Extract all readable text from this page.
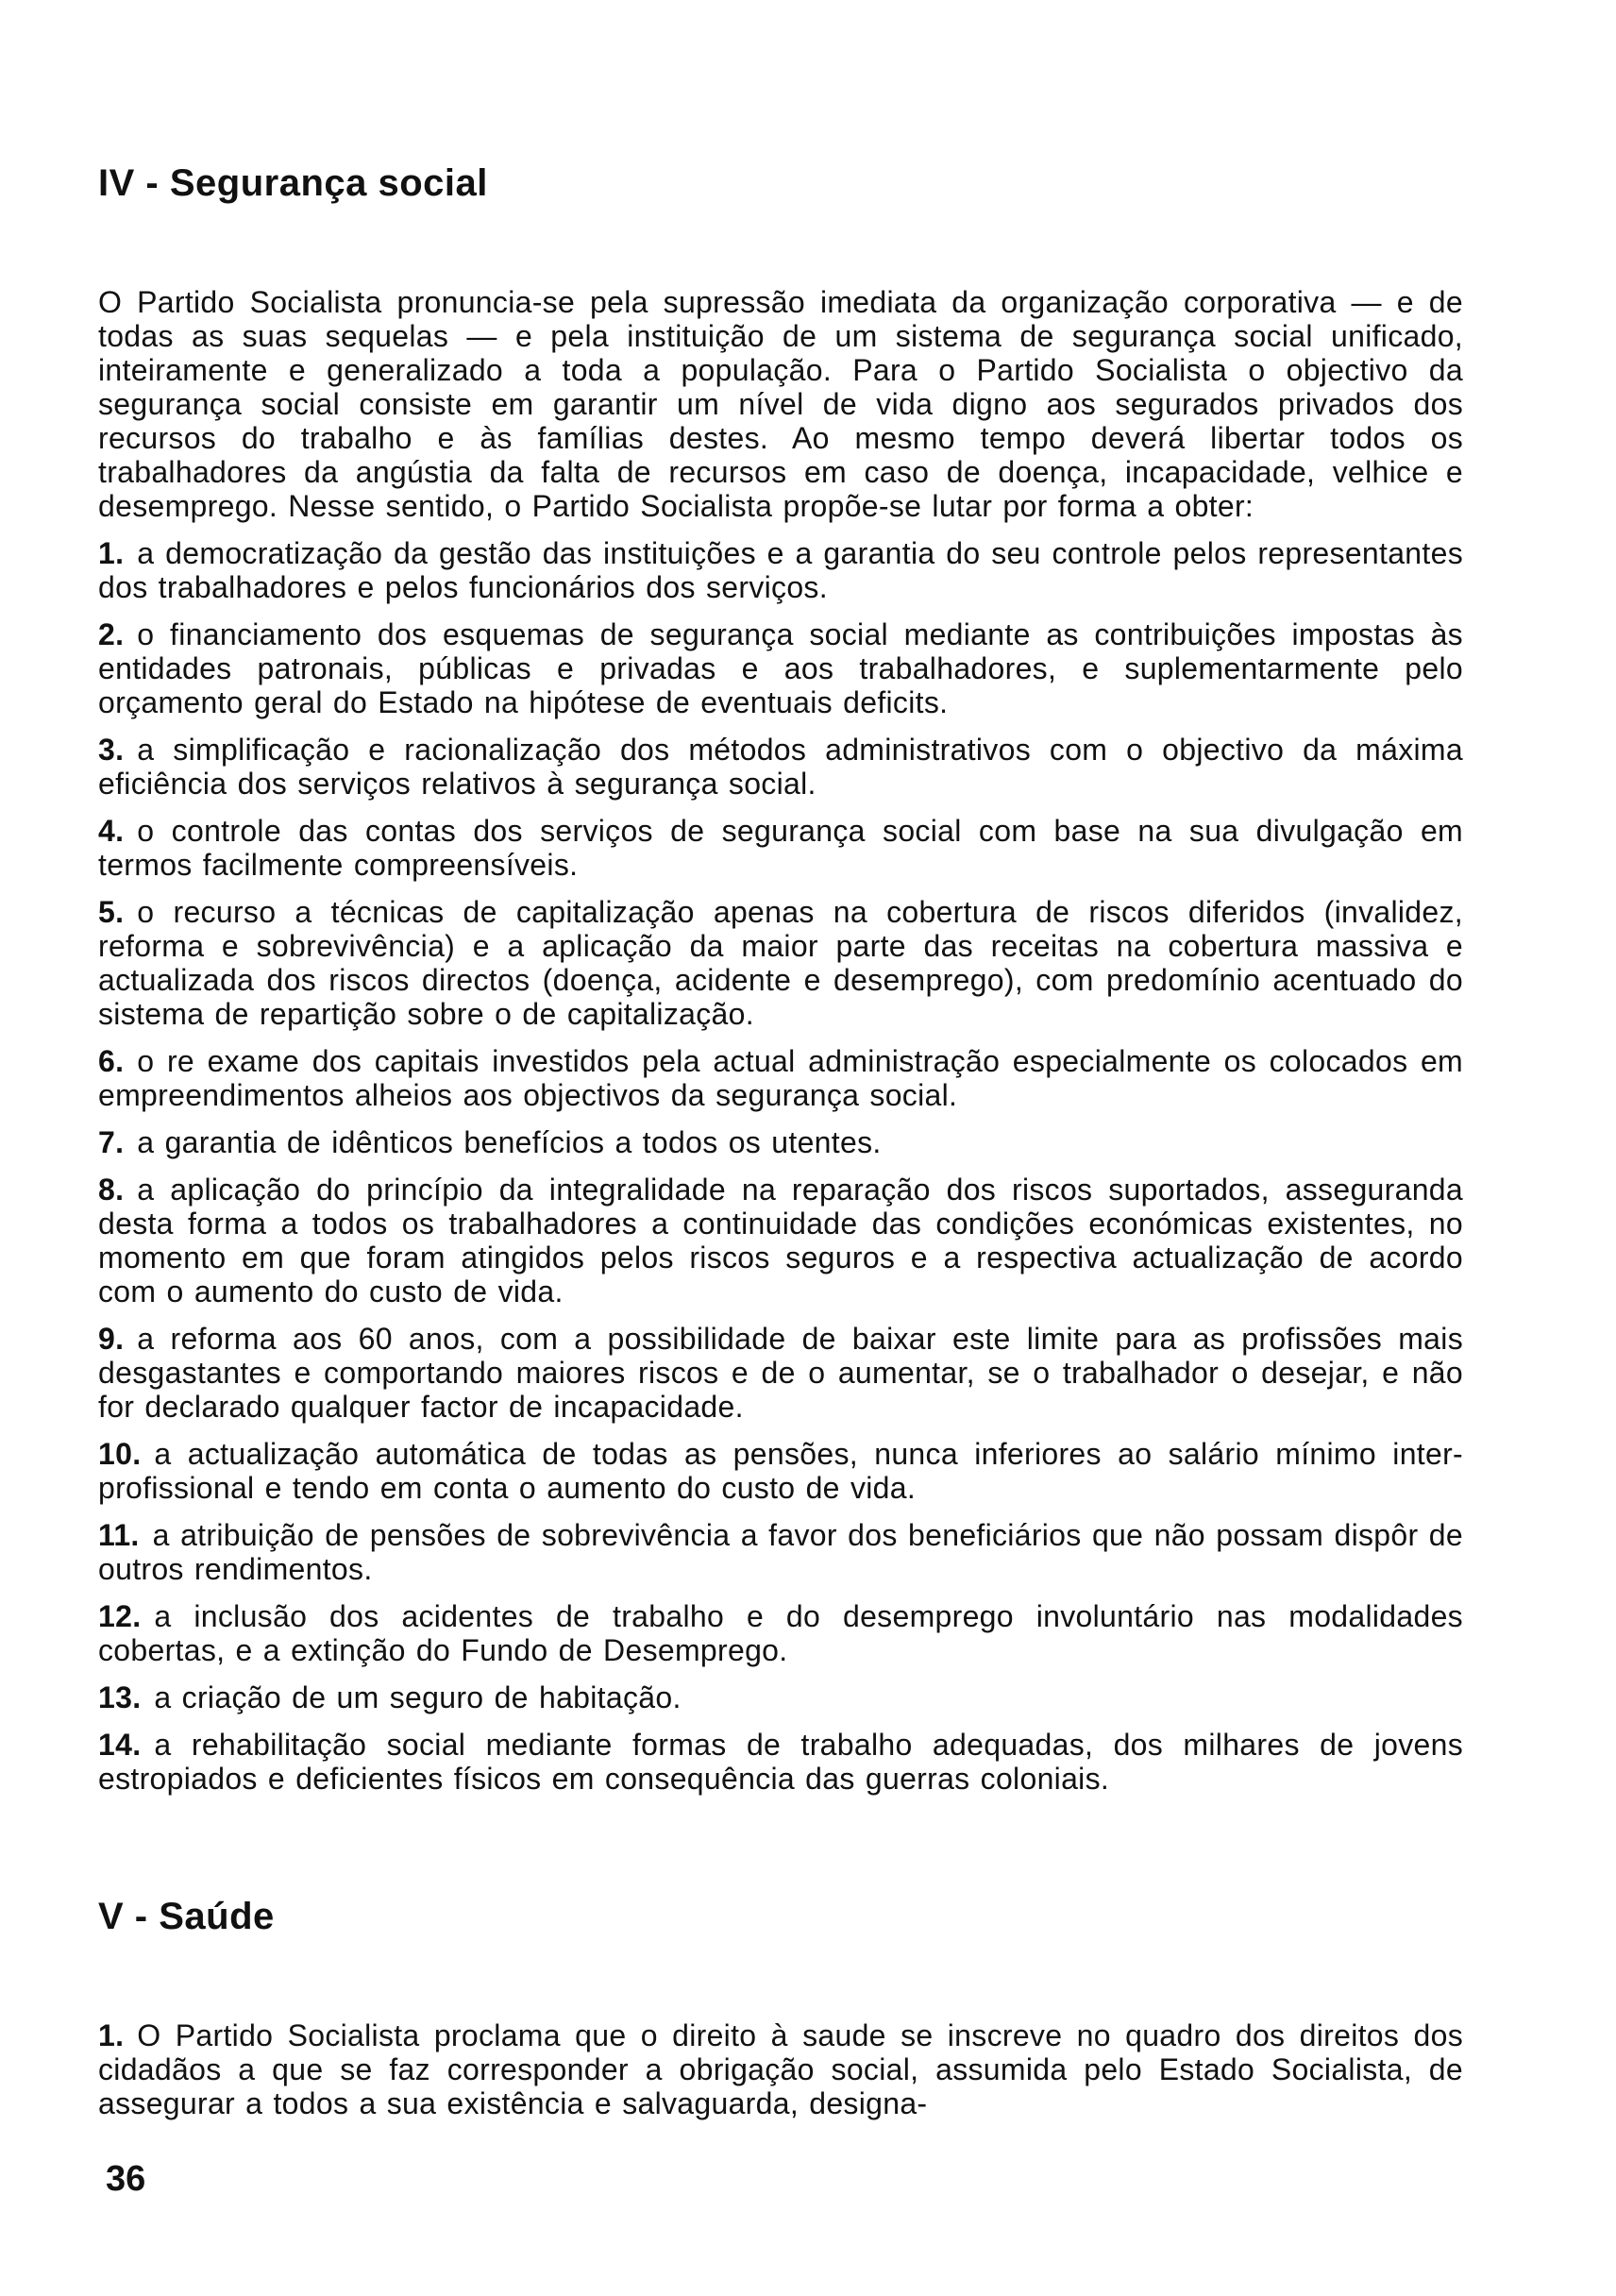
IV - Segurança social

O Partido Socialista pronuncia-se pela supressão imediata da organização corporativa — e de todas as suas sequelas — e pela instituição de um sistema de segurança social unificado, inteiramente e generalizado a toda a população. Para o Partido Socialista o objectivo da segurança social consiste em garantir um nível de vida digno aos segurados privados dos recursos do trabalho e às famílias destes. Ao mesmo tempo deverá libertar todos os trabalhadores da angústia da falta de recursos em caso de doença, incapacidade, velhice e desemprego. Nesse sentido, o Partido Socialista propõe-se lutar por forma a obter:

1. a democratização da gestão das instituições e a garantia do seu controle pelos representantes dos trabalhadores e pelos funcionários dos serviços.
2. o financiamento dos esquemas de segurança social mediante as contribuições impostas às entidades patronais, públicas e privadas e aos trabalhadores, e suplementarmente pelo orçamento geral do Estado na hipótese de eventuais deficits.
3. a simplificação e racionalização dos métodos administrativos com o objectivo da máxima eficiência dos serviços relativos à segurança social.
4. o controle das contas dos serviços de segurança social com base na sua divulgação em termos facilmente compreensíveis.
5. o recurso a técnicas de capitalização apenas na cobertura de riscos diferidos (invalidez, reforma e sobrevivência) e a aplicação da maior parte das receitas na cobertura massiva e actualizada dos riscos directos (doença, acidente e desemprego), com predomínio acentuado do sistema de repartição sobre o de capitalização.
6. o re exame dos capitais investidos pela actual administração especialmente os colocados em empreendimentos alheios aos objectivos da segurança social.
7. a garantia de idênticos benefícios a todos os utentes.
8. a aplicação do princípio da integralidade na reparação dos riscos suportados, asseguranda desta forma a todos os trabalhadores a continuidade das condições económicas existentes, no momento em que foram atingidos pelos riscos seguros e a respectiva actualização de acordo com o aumento do custo de vida.
9. a reforma aos 60 anos, com a possibilidade de baixar este limite para as profissões mais desgastantes e comportando maiores riscos e de o aumentar, se o trabalhador o desejar, e não for declarado qualquer factor de incapacidade.
10. a actualização automática de todas as pensões, nunca inferiores ao salário mínimo inter-profissional e tendo em conta o aumento do custo de vida.
11. a atribuição de pensões de sobrevivência a favor dos beneficiários que não possam dispôr de outros rendimentos.
12. a inclusão dos acidentes de trabalho e do desemprego involuntário nas modalidades cobertas, e a extinção do Fundo de Desemprego.
13. a criação de um seguro de habitação.
14. a rehabilitação social mediante formas de trabalho adequadas, dos milhares de jovens estropiados e deficientes físicos em consequência das guerras coloniais.
V - Saúde
1. O Partido Socialista proclama que o direito à saude se inscreve no quadro dos direitos dos cidadãos a que se faz corresponder a obrigação social, assumida pelo Estado Socialista, de assegurar a todos a sua existência e salvaguarda, designa-
36
